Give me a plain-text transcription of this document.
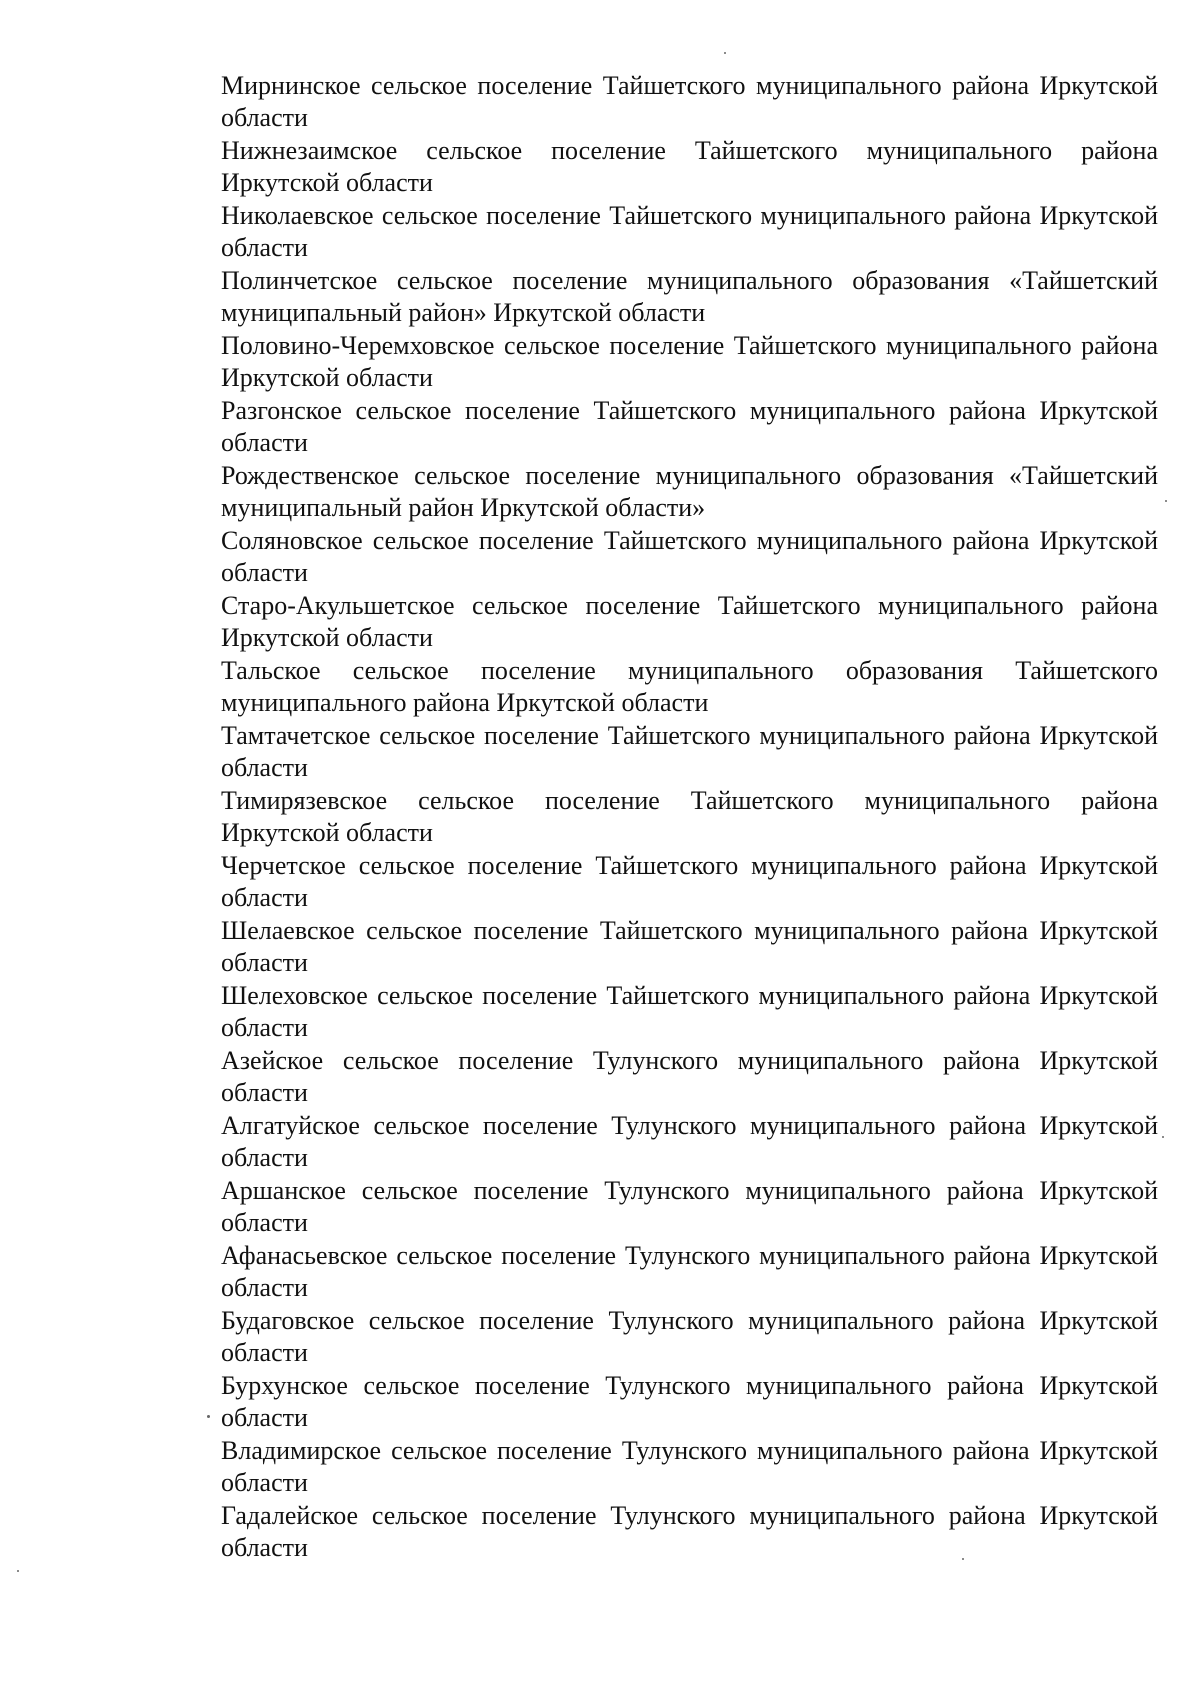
Мирнинское сельское поселение Тайшетского муниципального района Иркутской области
Нижнезаимское сельское поселение Тайшетского муниципального района Иркутской области
Николаевское сельское поселение Тайшетского муниципального района Иркутской области
Полинчетское сельское поселение муниципального образования «Тайшетский муниципальный район» Иркутской области
Половино-Черемховское сельское поселение Тайшетского муниципального района Иркутской области
Разгонское сельское поселение Тайшетского муниципального района Иркутской области
Рождественское сельское поселение муниципального образования «Тайшетский муниципальный район Иркутской области»
Соляновское сельское поселение Тайшетского муниципального района Иркутской области
Старо-Акульшетское сельское поселение Тайшетского муниципального района Иркутской области
Тальское сельское поселение муниципального образования Тайшетского муниципального района Иркутской области
Тамтачетское сельское поселение Тайшетского муниципального района Иркутской области
Тимирязевское сельское поселение Тайшетского муниципального района Иркутской области
Черчетское сельское поселение Тайшетского муниципального района Иркутской области
Шелаевское сельское поселение Тайшетского муниципального района Иркутской области
Шелеховское сельское поселение Тайшетского муниципального района Иркутской области
Азейское сельское поселение Тулунского муниципального района Иркутской области
Алгатуйское сельское поселение Тулунского муниципального района Иркутской области
Аршанское сельское поселение Тулунского муниципального района Иркутской области
Афанасьевское сельское поселение Тулунского муниципального района Иркутской области
Будаговское сельское поселение Тулунского муниципального района Иркутской области
Бурхунское сельское поселение Тулунского муниципального района Иркутской области
Владимирское сельское поселение Тулунского муниципального района Иркутской области
Гадалейское сельское поселение Тулунского муниципального района Иркутской области
